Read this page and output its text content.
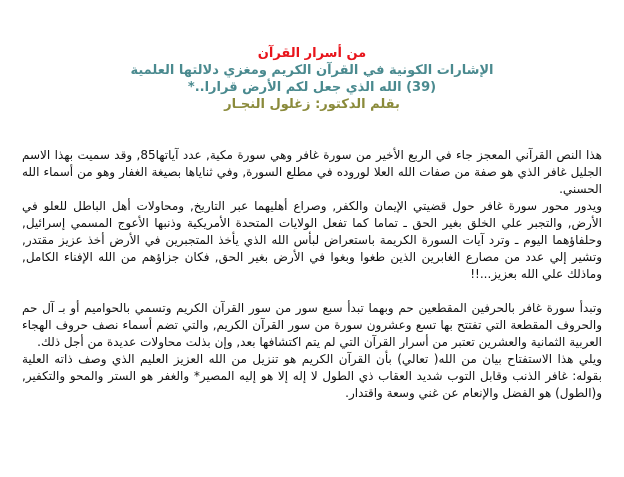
من أسرار القرآن
الإشارات الكونية في القرآن الكريم ومغزي دلالتها العلمية
(39) الله الذي جعل لكم الأرض قرارا..*
بقلم الدكتور: زغلول النجـار

هذا النص القرآني المعجز جاء في الربع الأخير من سورة غافر وهي سورة مكية, عدد آياتها85, وقد سميت بهذا الاسم الجليل غافر الذي هو صفة من صفات الله العلا لوروده في مطلع السورة, وفي ثناياها بصيغة الغفار وهو من أسماء الله الحسني.

ويدور محور سورة غافر حول قضيتي الإيمان والكفر, وصراع أهليهما عبر التاريخ, ومحاولات أهل الباطل للعلو في الأرض, والتجبر علي الخلق بغير الحق ـ تماما كما تفعل الولايات المتحدة الأمريكية وذنبها الأعوج المسمي إسرائيل, وحلفاؤهما اليوم ـ وترد آيات السورة الكريمة باستعراض لبأس الله الذي يأخذ المتجبرين في الأرض أخذ عزيز مقتدر, وتشير إلي عدد من مصارع الغابرين الذين طغوا وبغوا في الأرض بغير الحق, فكان جزاؤهم من الله الإفناء الكامل, وماذلك علي الله بعزيز...!!

وتبدأ سورة غافر بالحرفين المقطعين حم وبهما تبدأ سبع سور من سور القرآن الكريم وتسمي بالحواميم أو بـ آل حم والحروف المقطعة التي تفتتح بها تسع وعشرون سورة من سور القرآن الكريم, والتي تضم أسماء نصف حروف الهجاء العربية الثمانية والعشرين تعتبر من أسرار القرآن التي لم يتم اكتشافها بعد, وإن بذلت محاولات عديدة من أجل ذلك.

ويلي هذا الاستفتاح بيان من الله( تعالي) بأن القرآن الكريم هو تنزيل من الله العزيز العليم الذي وصف ذاته العلية بقوله: غافر الذنب وقابل التوب شديد العقاب ذي الطول لا إله إلا هو إليه المصير* والغفر هو الستر والمحو والتكفير, و(الطول) هو الفضل والإنعام عن غني وسعة واقتدار.
